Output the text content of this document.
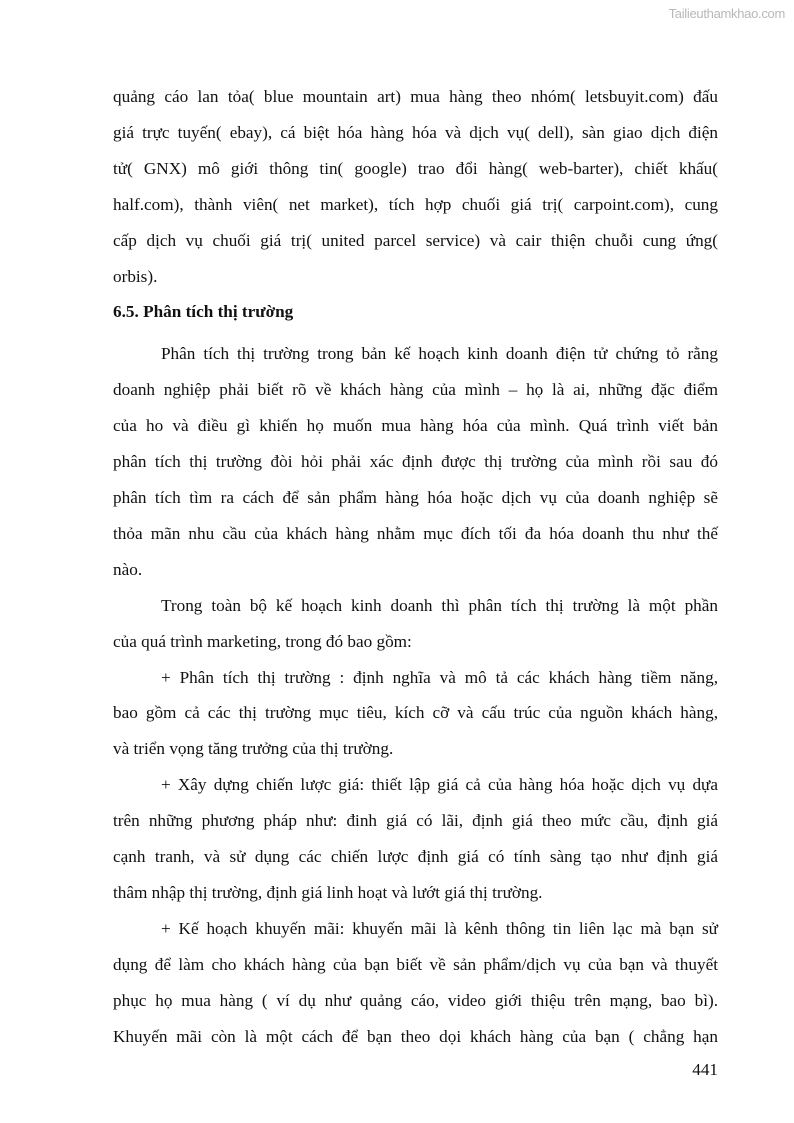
Tailieuthamkhao.com
quảng cáo lan tỏa( blue mountain art) mua hàng theo nhóm( letsbuyit.com) đấu
giá trực tuyến( ebay), cá biệt hóa hàng hóa và dịch vụ( dell), sàn giao dịch điện
tử( GNX) mô giới thông tin( google) trao đổi hàng( web-barter), chiết khấu(
half.com), thành viên( net market), tích hợp chuối giá trị( carpoint.com), cung
cấp dịch vụ chuối giá trị( united parcel service) và cair thiện chuỗi cung ứng(
orbis).
6.5. Phân tích thị trường
Phân tích thị trường trong bản kế hoạch kinh doanh điện tử chứng tỏ rằng
doanh nghiệp phải biết rõ về khách hàng của mình – họ là ai, những đặc điểm
của ho và điều gì khiến họ muốn mua hàng hóa của mình. Quá trình viết bản
phân tích thị trường đòi hỏi phải xác định được thị trường của mình rồi sau đó
phân tích tìm ra cách để sản phẩm hàng hóa hoặc dịch vụ của doanh nghiệp sẽ
thỏa mãn nhu cầu của khách hàng nhằm mục đích tối đa hóa doanh thu như thế
nào.
Trong toàn bộ kế hoạch kinh doanh thì phân tích thị trường là một phần
của quá trình marketing, trong đó bao gồm:
+ Phân tích thị trường : định nghĩa và mô tả các khách hàng tiềm năng,
bao gồm cả các thị trường mục tiêu, kích cỡ và cấu trúc của nguồn khách hàng,
và triển vọng tăng trưởng của thị trường.
+ Xây dựng chiến lược giá: thiết lập giá cả của hàng hóa hoặc dịch vụ dựa
trên những phương pháp như: đinh giá có lãi, định giá theo mức cầu, định giá
cạnh tranh, và sử dụng các chiến lược định giá có tính sàng tạo như định giá
thâm nhập thị trường, định giá linh hoạt và lướt giá thị trường.
+ Kế hoạch khuyến mãi: khuyến mãi là kênh thông tin liên lạc mà bạn sử
dụng để làm cho khách hàng của bạn biết về sản phẩm/dịch vụ của bạn và thuyết
phục họ mua hàng ( ví dụ như quảng cáo, video giới thiệu trên mạng, bao bì).
Khuyến mãi còn là một cách để bạn theo dọi khách hàng của bạn ( chẳng hạn
441
